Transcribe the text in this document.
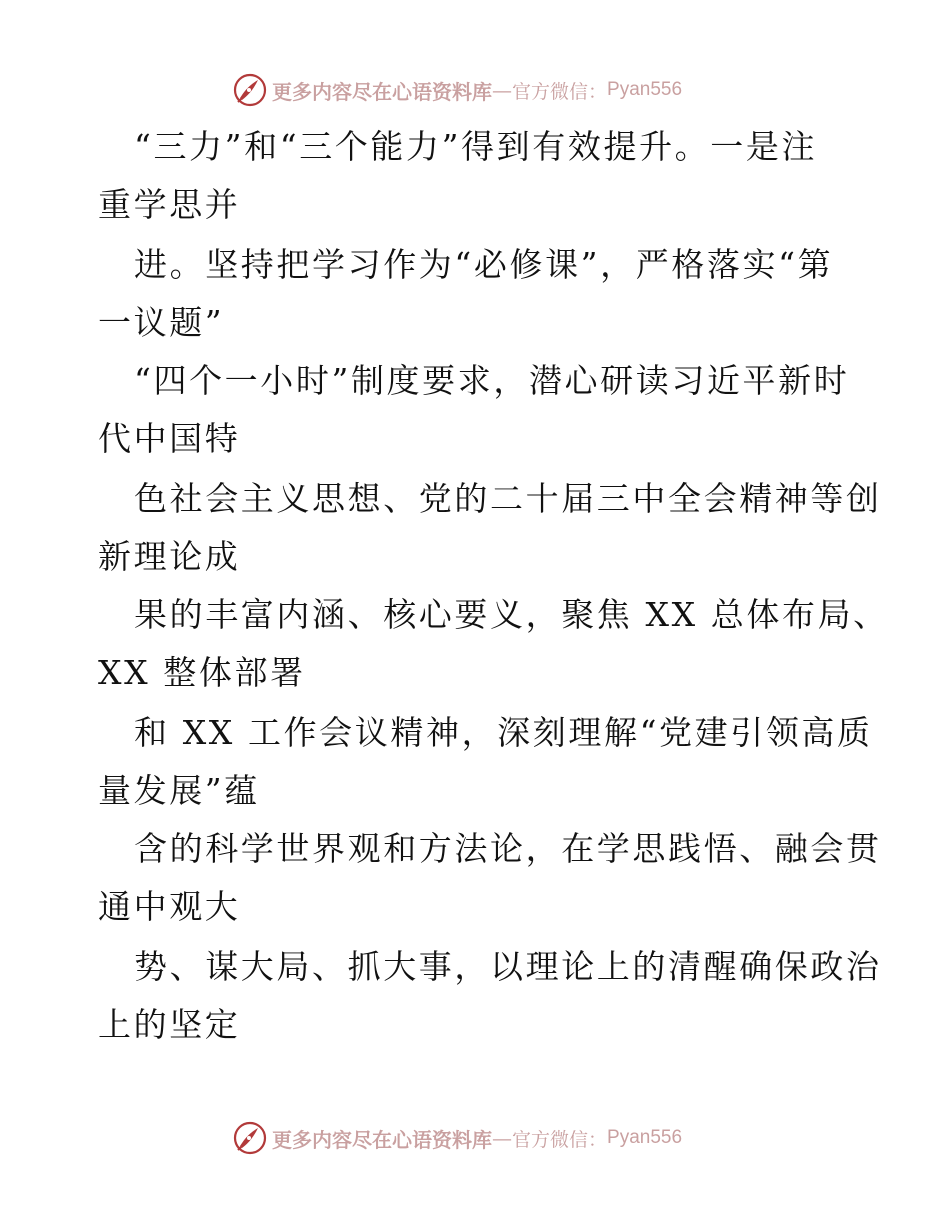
更多内容尽在心语资料库 — 官方微信： Pyan556
“三力”和“三个能力”得到有效提升。一是注
重学思并
进。坚持把学习作为“必修课”，严格落实“第
一议题”
“四个一小时”制度要求，潜心研读习近平新时
代中国特
色社会主义思想、党的二十届三中全会精神等创
新理论成
果的丰富内涵、核心要义，聚焦 XX 总体布局、
XX 整体部署
和 XX 工作会议精神，深刻理解“党建引领高质
量发展”蕴
含的科学世界观和方法论，在学思践悟、融会贯
通中观大
势、谋大局、抓大事，以理论上的清醒确保政治
上的坚定
更多内容尽在心语资料库 — 官方微信： Pyan556
